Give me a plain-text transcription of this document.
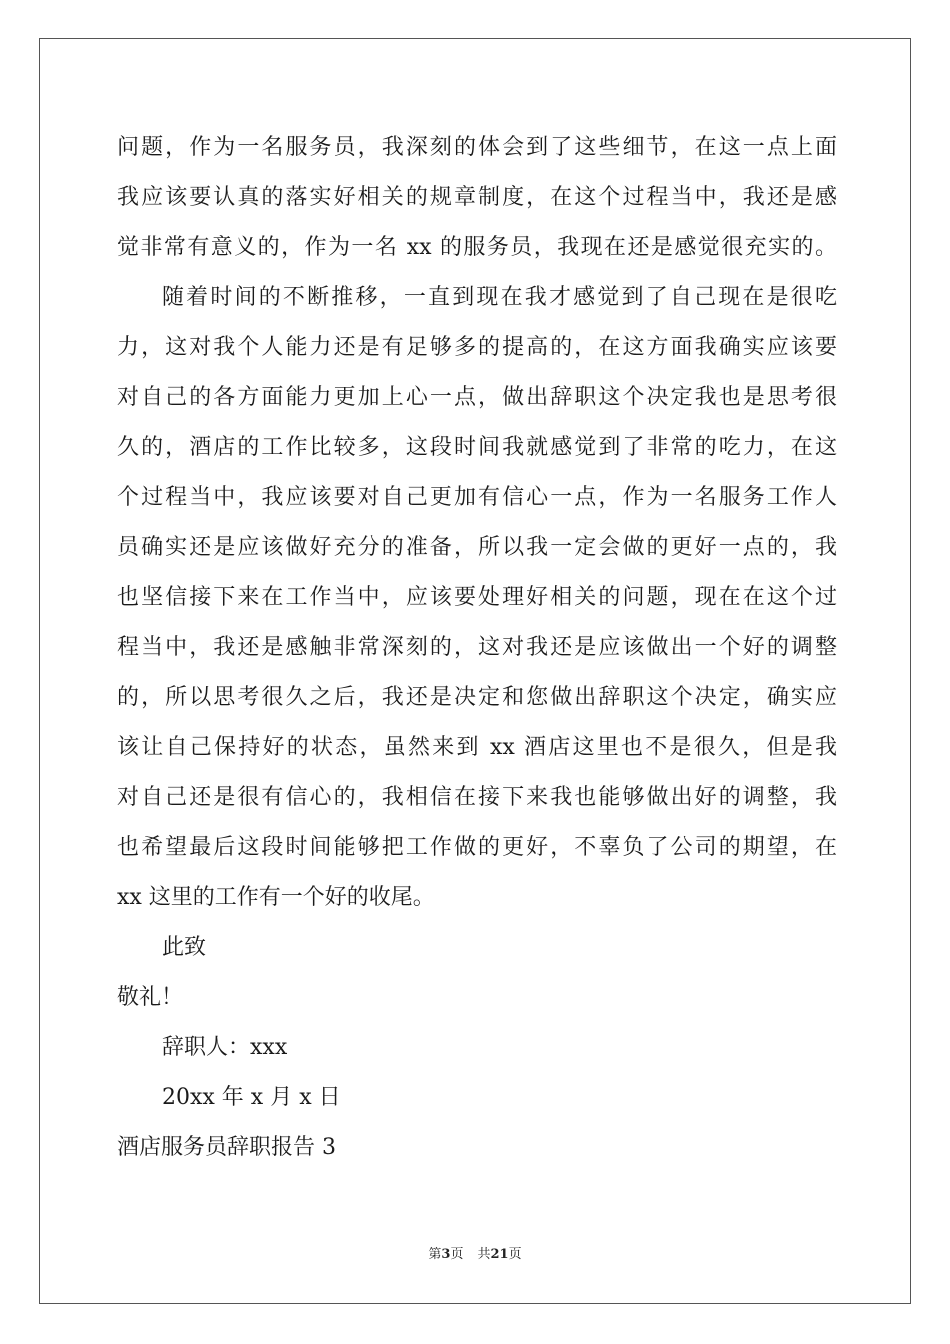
问题，作为一名服务员，我深刻的体会到了这些细节，在这一点上面
我应该要认真的落实好相关的规章制度，在这个过程当中，我还是感
觉非常有意义的，作为一名 xx 的服务员，我现在还是感觉很充实的。
随着时间的不断推移，一直到现在我才感觉到了自己现在是很吃
力，这对我个人能力还是有足够多的提高的，在这方面我确实应该要
对自己的各方面能力更加上心一点，做出辞职这个决定我也是思考很
久的，酒店的工作比较多，这段时间我就感觉到了非常的吃力，在这
个过程当中，我应该要对自己更加有信心一点，作为一名服务工作人
员确实还是应该做好充分的准备，所以我一定会做的更好一点的，我
也坚信接下来在工作当中，应该要处理好相关的问题，现在在这个过
程当中，我还是感触非常深刻的，这对我还是应该做出一个好的调整
的，所以思考很久之后，我还是决定和您做出辞职这个决定，确实应
该让自己保持好的状态，虽然来到 xx 酒店这里也不是很久，但是我
对自己还是很有信心的，我相信在接下来我也能够做出好的调整，我
也希望最后这段时间能够把工作做的更好，不辜负了公司的期望，在
xx 这里的工作有一个好的收尾。
此致
敬礼！
辞职人：xxx
20xx 年 x 月 x 日
酒店服务员辞职报告 3
第3页 共21页
